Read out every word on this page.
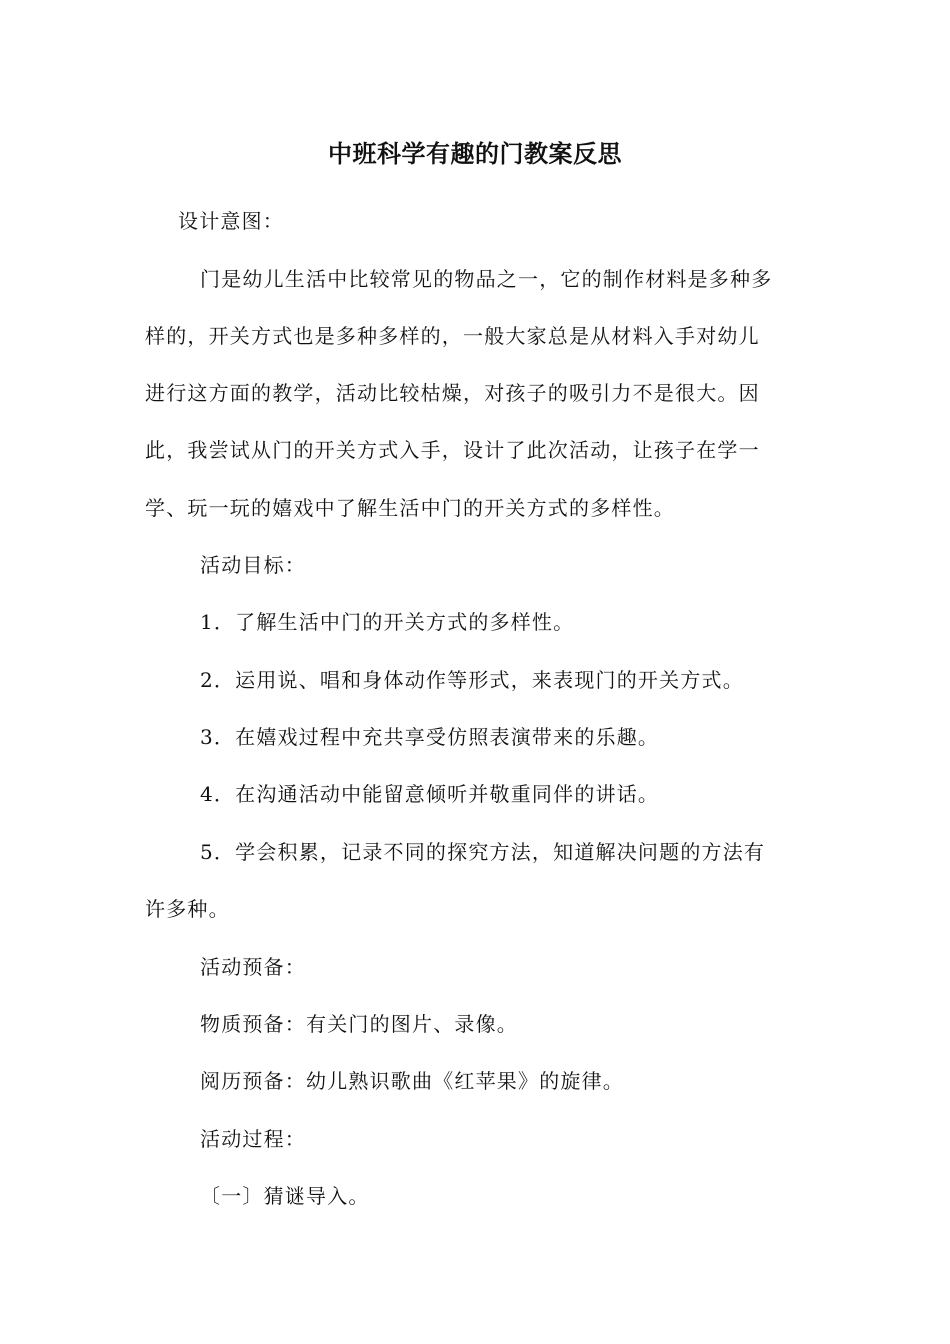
中班科学有趣的门教案反思
设计意图：
门是幼儿生活中比较常见的物品之一，它的制作材料是多种多
样的，开关方式也是多种多样的，一般大家总是从材料入手对幼儿
进行这方面的教学，活动比较枯燥，对孩子的吸引力不是很大。因
此，我尝试从门的开关方式入手，设计了此次活动，让孩子在学一
学、玩一玩的嬉戏中了解生活中门的开关方式的多样性。
活动目标：
1．了解生活中门的开关方式的多样性。
2．运用说、唱和身体动作等形式，来表现门的开关方式。
3．在嬉戏过程中充共享受仿照表演带来的乐趣。
4．在沟通活动中能留意倾听并敬重同伴的讲话。
5．学会积累，记录不同的探究方法，知道解决问题的方法有
许多种。
活动预备：
物质预备：有关门的图片、录像。
阅历预备：幼儿熟识歌曲《红苹果》的旋律。
活动过程：
〔一〕猜谜导入。
